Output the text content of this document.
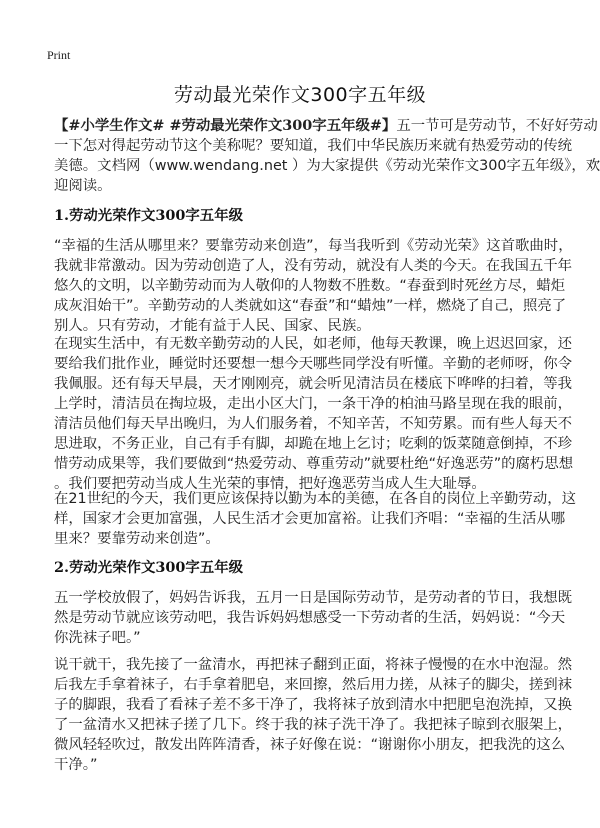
Print
劳动最光荣作文300字五年级
【#小学生作文# #劳动最光荣作文300字五年级#】五一节可是劳动节，不好好劳动
一下怎对得起劳动节这个美称呢？要知道，我们中华民族历来就有热爱劳动的传统
美德。文档网（www.wendang.net ）为大家提供《劳动光荣作文300字五年级》，欢
迎阅读。
1.劳动光荣作文300字五年级
“幸福的生活从哪里来？要靠劳动来创造”，每当我听到《劳动光荣》这首歌曲时，
我就非常激动。因为劳动创造了人，没有劳动，就没有人类的今天。在我国五千年
悠久的文明，以辛勤劳动而为人敬仰的人物数不胜数。“春蚕到时死丝方尽，蜡炬
成灰泪始干”。辛勤劳动的人类就如这“春蚕”和“蜡烛”一样，燃烧了自己，照亮了
别人。只有劳动，才能有益于人民、国家、民族。
在现实生活中，有无数辛勤劳动的人民，如老师，他每天教课，晚上迟迟回家，还
要给我们批作业，睡觉时还要想一想今天哪些同学没有听懂。辛勤的老师呀，你令
我佩服。还有每天早晨，天才刚刚亮，就会听见清洁员在楼底下哗哗的扫着，等我
上学时，清洁员在掏垃圾，走出小区大门，一条干净的柏油马路呈现在我的眼前，
清洁员他们每天早出晚归，为人们服务着，不知辛苦，不知劳累。而有些人每天不
思进取，不务正业，自己有手有脚，却跪在地上乞讨；吃剩的饭菜随意倒掉，不珍
惜劳动成果等，我们要做到“热爱劳动、尊重劳动”就要杜绝“好逸恶劳”的腐朽思想
。我们要把劳动当成人生光荣的事情，把好逸恶劳当成人生大耻辱。
在21世纪的今天，我们更应该保持以勤为本的美德，在各自的岗位上辛勤劳动，这
样，国家才会更加富强，人民生活才会更加富裕。让我们齐唱：“幸福的生活从哪
里来？要靠劳动来创造”。
2.劳动光荣作文300字五年级
五一学校放假了，妈妈告诉我，五月一日是国际劳动节，是劳动者的节日，我想既
然是劳动节就应该劳动吧，我告诉妈妈想感受一下劳动者的生活，妈妈说：“今天
你洗袜子吧。”
说干就干，我先接了一盆清水，再把袜子翻到正面，将袜子慢慢的在水中泡湿。然
后我左手拿着袜子，右手拿着肥皂，来回擦，然后用力搓，从袜子的脚尖，搓到袜
子的脚跟，我看了看袜子差不多干净了，我将袜子放到清水中把肥皂泡洗掉，又换
了一盆清水又把袜子搓了几下。终于我的袜子洗干净了。我把袜子晾到衣服架上，
微风轻轻吹过，散发出阵阵清香，袜子好像在说：“谢谢你小朋友，把我洗的这么
干净。”
